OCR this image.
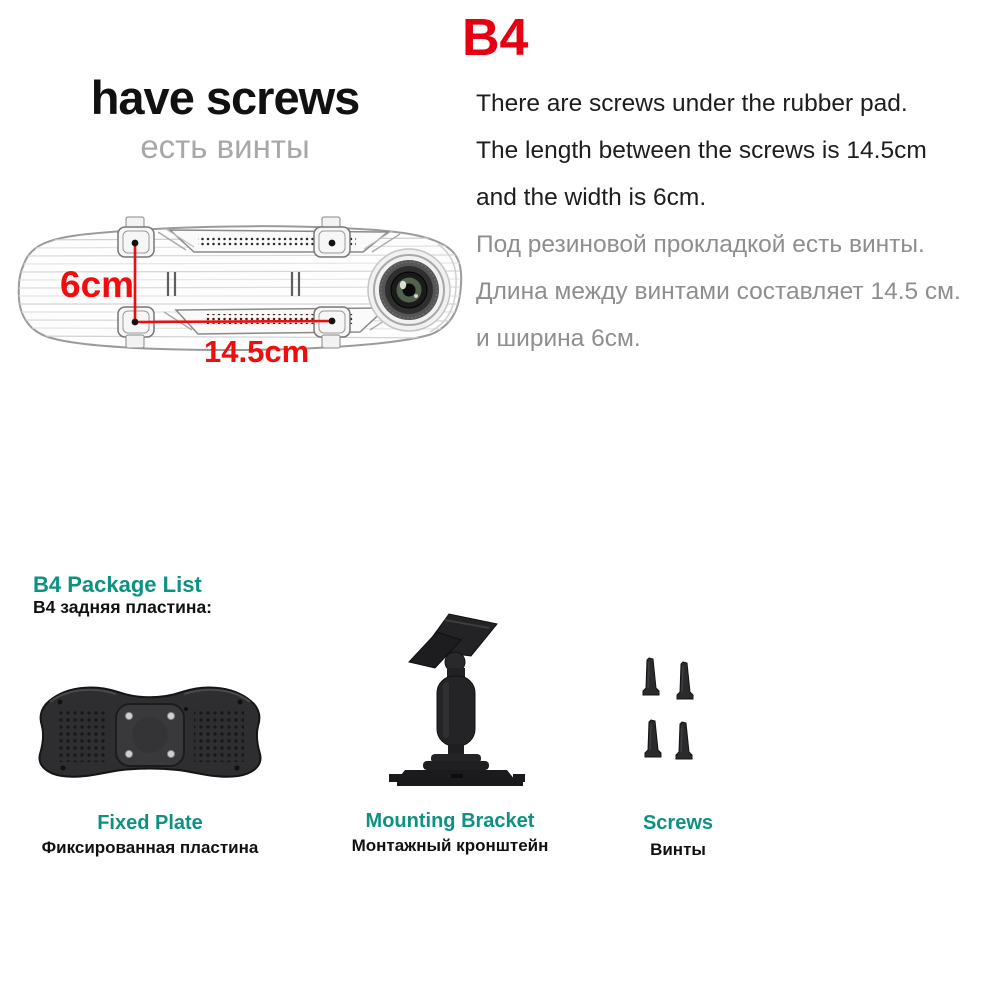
B4
have screws
есть винты
There are screws under the rubber pad.
The length between the screws is 14.5cm
and the width is 6cm.
Под резиновой прокладкой есть винты.
Длина между винтами составляет 14.5 см.
и ширина 6см.
6cm
14.5cm
B4 Package List
B4 задняя пластина:
Fixed Plate
Фиксированная пластина
Mounting Bracket
Монтажный кронштейн
Screws
Винты
